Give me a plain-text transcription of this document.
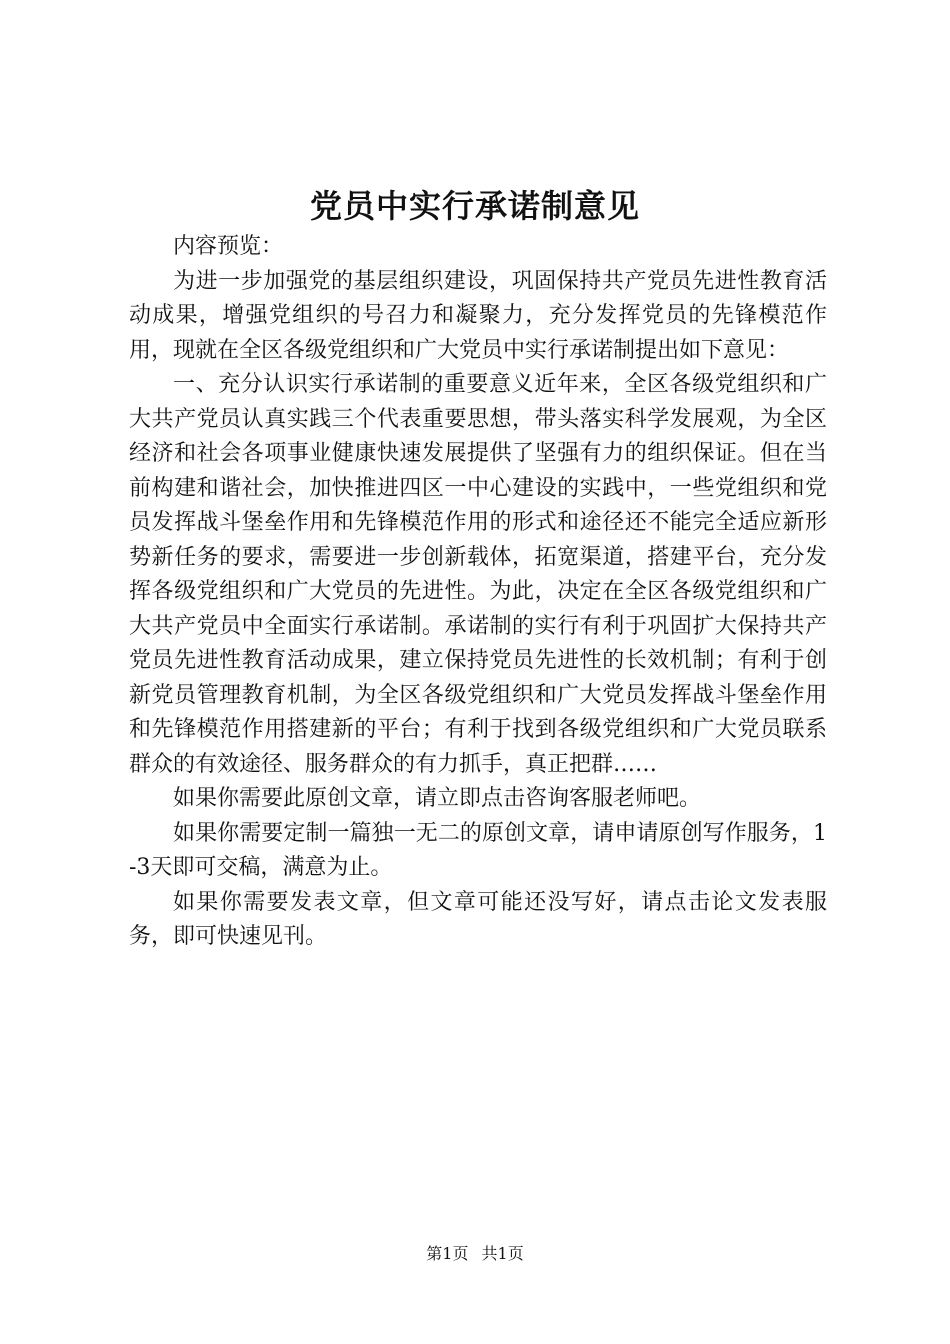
党员中实行承诺制意见

内容预览：

为进一步加强党的基层组织建设，巩固保持共产党员先进性教育活动成果，增强党组织的号召力和凝聚力，充分发挥党员的先锋模范作用，现就在全区各级党组织和广大党员中实行承诺制提出如下意见：

一、充分认识实行承诺制的重要意义近年来，全区各级党组织和广大共产党员认真实践三个代表重要思想，带头落实科学发展观，为全区经济和社会各项事业健康快速发展提供了坚强有力的组织保证。但在当前构建和谐社会，加快推进四区一中心建设的实践中，一些党组织和党员发挥战斗堡垒作用和先锋模范作用的形式和途径还不能完全适应新形势新任务的要求，需要进一步创新载体，拓宽渠道，搭建平台，充分发挥各级党组织和广大党员的先进性。为此，决定在全区各级党组织和广大共产党员中全面实行承诺制。承诺制的实行有利于巩固扩大保持共产党员先进性教育活动成果，建立保持党员先进性的长效机制；有利于创新党员管理教育机制，为全区各级党组织和广大党员发挥战斗堡垒作用和先锋模范作用搭建新的平台；有利于找到各级党组织和广大党员联系群众的有效途径、服务群众的有力抓手，真正把群……

如果你需要此原创文章，请立即点击咨询客服老师吧。

如果你需要定制一篇独一无二的原创文章，请申请原创写作服务，1-3天即可交稿，满意为止。

如果你需要发表文章，但文章可能还没写好，请点击论文发表服务，即可快速见刊。

第1页 共1页
